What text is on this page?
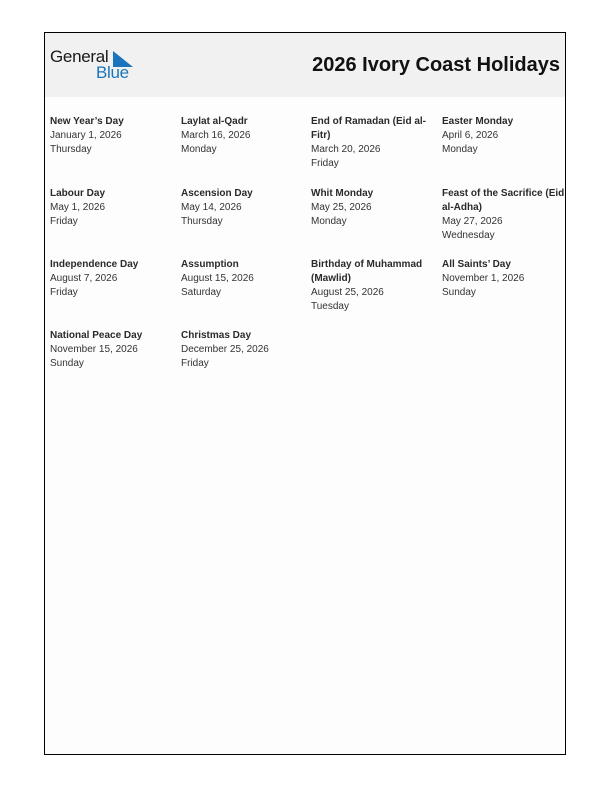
General
Blue	2026 Ivory Coast Holidays
New Year’s Day
January 1, 2026
Thursday
Laylat al-Qadr
March 16, 2026
Monday
End of Ramadan (Eid al-Fitr)
March 20, 2026
Friday
Easter Monday
April 6, 2026
Monday
Labour Day
May 1, 2026
Friday
Ascension Day
May 14, 2026
Thursday
Whit Monday
May 25, 2026
Monday
Feast of the Sacrifice (Eid al-Adha)
May 27, 2026
Wednesday
Independence Day
August 7, 2026
Friday
Assumption
August 15, 2026
Saturday
Birthday of Muhammad (Mawlid)
August 25, 2026
Tuesday
All Saints’ Day
November 1, 2026
Sunday
National Peace Day
November 15, 2026
Sunday
Christmas Day
December 25, 2026
Friday
